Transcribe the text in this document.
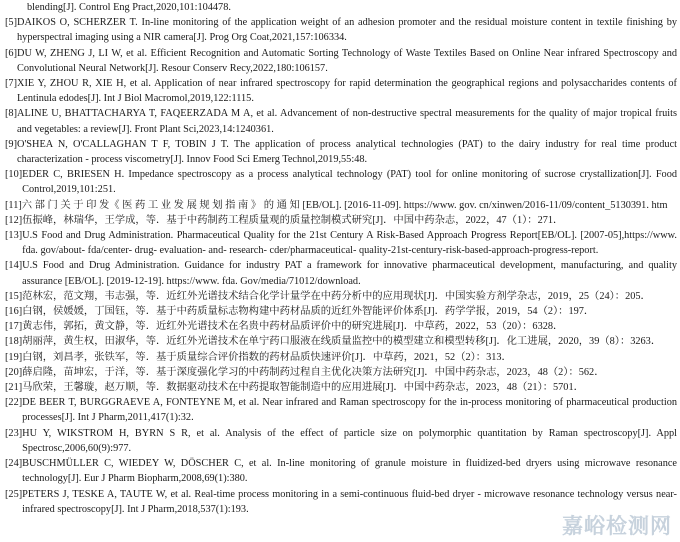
blending[J]. Control Eng Pract,2020,101:104478.
[5] DAIKOS O, SCHERZER T. In-line monitoring of the application weight of an adhesion promoter and the residual moisture content in textile finishing by hyperspectral imaging using a NIR camera[J]. Prog Org Coat,2021,157:106334.
[6] DU W, ZHENG J, LI W, et al. Efficient Recognition and Automatic Sorting Technology of Waste Textiles Based on Online Near infrared Spectroscopy and Convolutional Neural Network[J]. Resour Conserv Recy,2022,180:106157.
[7] XIE Y, ZHOU R, XIE H, et al. Application of near infrared spectroscopy for rapid determination the geographical regions and polysaccharides contents of Lentinula edodes[J]. Int J Biol Macromol,2019,122:1115.
[8] ALINE U, BHATTACHARYA T, FAQEERZADA M A, et al. Advancement of non-destructive spectral measurements for the quality of major tropical fruits and vegetables: a review[J]. Front Plant Sci,2023,14:1240361.
[9] O'SHEA N, O'CALLAGHAN T F, TOBIN J T. The application of process analytical technologies (PAT) to the dairy industry for real time product characterization - process viscometry[J]. Innov Food Sci Emerg Technol,2019,55:48.
[10] EDER C, BRIESEN H. Impedance spectroscopy as a process analytical technology (PAT) tool for online monitoring of sucrose crystallization[J]. Food Control,2019,101:251.
[11] 六 部 门 关 于 印 发《 医 药 工 业 发 展 规 划 指 南 》 的 通 知 [EB/OL]. [2016-11-09]. https://www. gov. cn/xinwen/2016-11/09/content_5130391. htm
[12] 伍振峰，林瑞华，王学成，等．基于中药制药工程质量观的质量控制模式研究[J]．中国中药杂志，2022，47（1）：271．
[13] U.S Food and Drug Administration. Pharmaceutical Quality for the 21st Century A Risk-Based Approach Progress Report[EB/OL]. [2007-05],https://www. fda. gov/about- fda/center- drug- evaluation- and- research- cder/pharmaceutical- quality-21st-century-risk-based-approach-progress-report.
[14] U.S Food and Drug Administration. Guidance for industry PAT a framework for innovative pharmaceutical development, manufacturing, and quality assurance [EB/OL]. [2019-12-19]. https://www. fda. Gov/media/71012/download.
[15] 范林宏，范文翔，韦志强，等．近红外光谱技术结合化学计量学在中药分析中的应用现状[J]．中国实验方剂学杂志，2019，25（24）：205．
[16] 白钢，侯媛媛，丁国钰，等．基于中药质量标志物构建中药材品质的近红外智能评价体系[J]．药学学报，2019，54（2）：197．
[17] 黄志伟，郭拓，黄文静，等．近红外光谱技术在名贵中药材品质评价中的研究进展[J]．中草药，2022，53（20）：6328．
[18] 胡丽萍，黄生权，田淑华，等．近红外光谱技术在单宁药口服液在线质量监控中的模型建立和模型转移[J]．化工进展，2020，39（8）：3263．
[19] 白钢，刘昌孝，张铁军，等．基于质量综合评价指数的药材品质快速评价[J]．中草药，2021，52（2）：313．
[20] 薛启隆，苗坤宏，于洋，等．基于深度强化学习的中药制药过程自主优化决策方法研究[J]．中国中药杂志，2023，48（2）：562．
[21] 马欣荣，王馨璇，赵万顺，等．数据驱动技术在中药提取智能制造中的应用进展[J]．中国中药杂志，2023，48（21）：5701．
[22] DE BEER T, BURGGRAEVE A, FONTEYNE M, et al. Near infrared and Raman spectroscopy for the in-process monitoring of pharmaceutical production processes[J]. Int J Pharm,2011,417(1):32.
[23] HU Y, WIKSTROM H, BYRN S R, et al. Analysis of the effect of particle size on polymorphic quantitation by Raman spectroscopy[J]. Appl Spectrosc,2006,60(9):977.
[24] BUSCHMÜLLER C, WIEDEY W, DÖSCHER C, et al. In-line monitoring of granule moisture in fluidized-bed dryers using microwave resonance technology[J]. Eur J Pharm Biopharm,2008,69(1):380.
[25] PETERS J, TESKE A, TAUTE W, et al. Real-time process monitoring in a semi-continuous fluid-bed dryer - microwave resonance technology versus near-infrared spectroscopy[J]. Int J Pharm,2018,537(1):193.
嘉峪检测网
